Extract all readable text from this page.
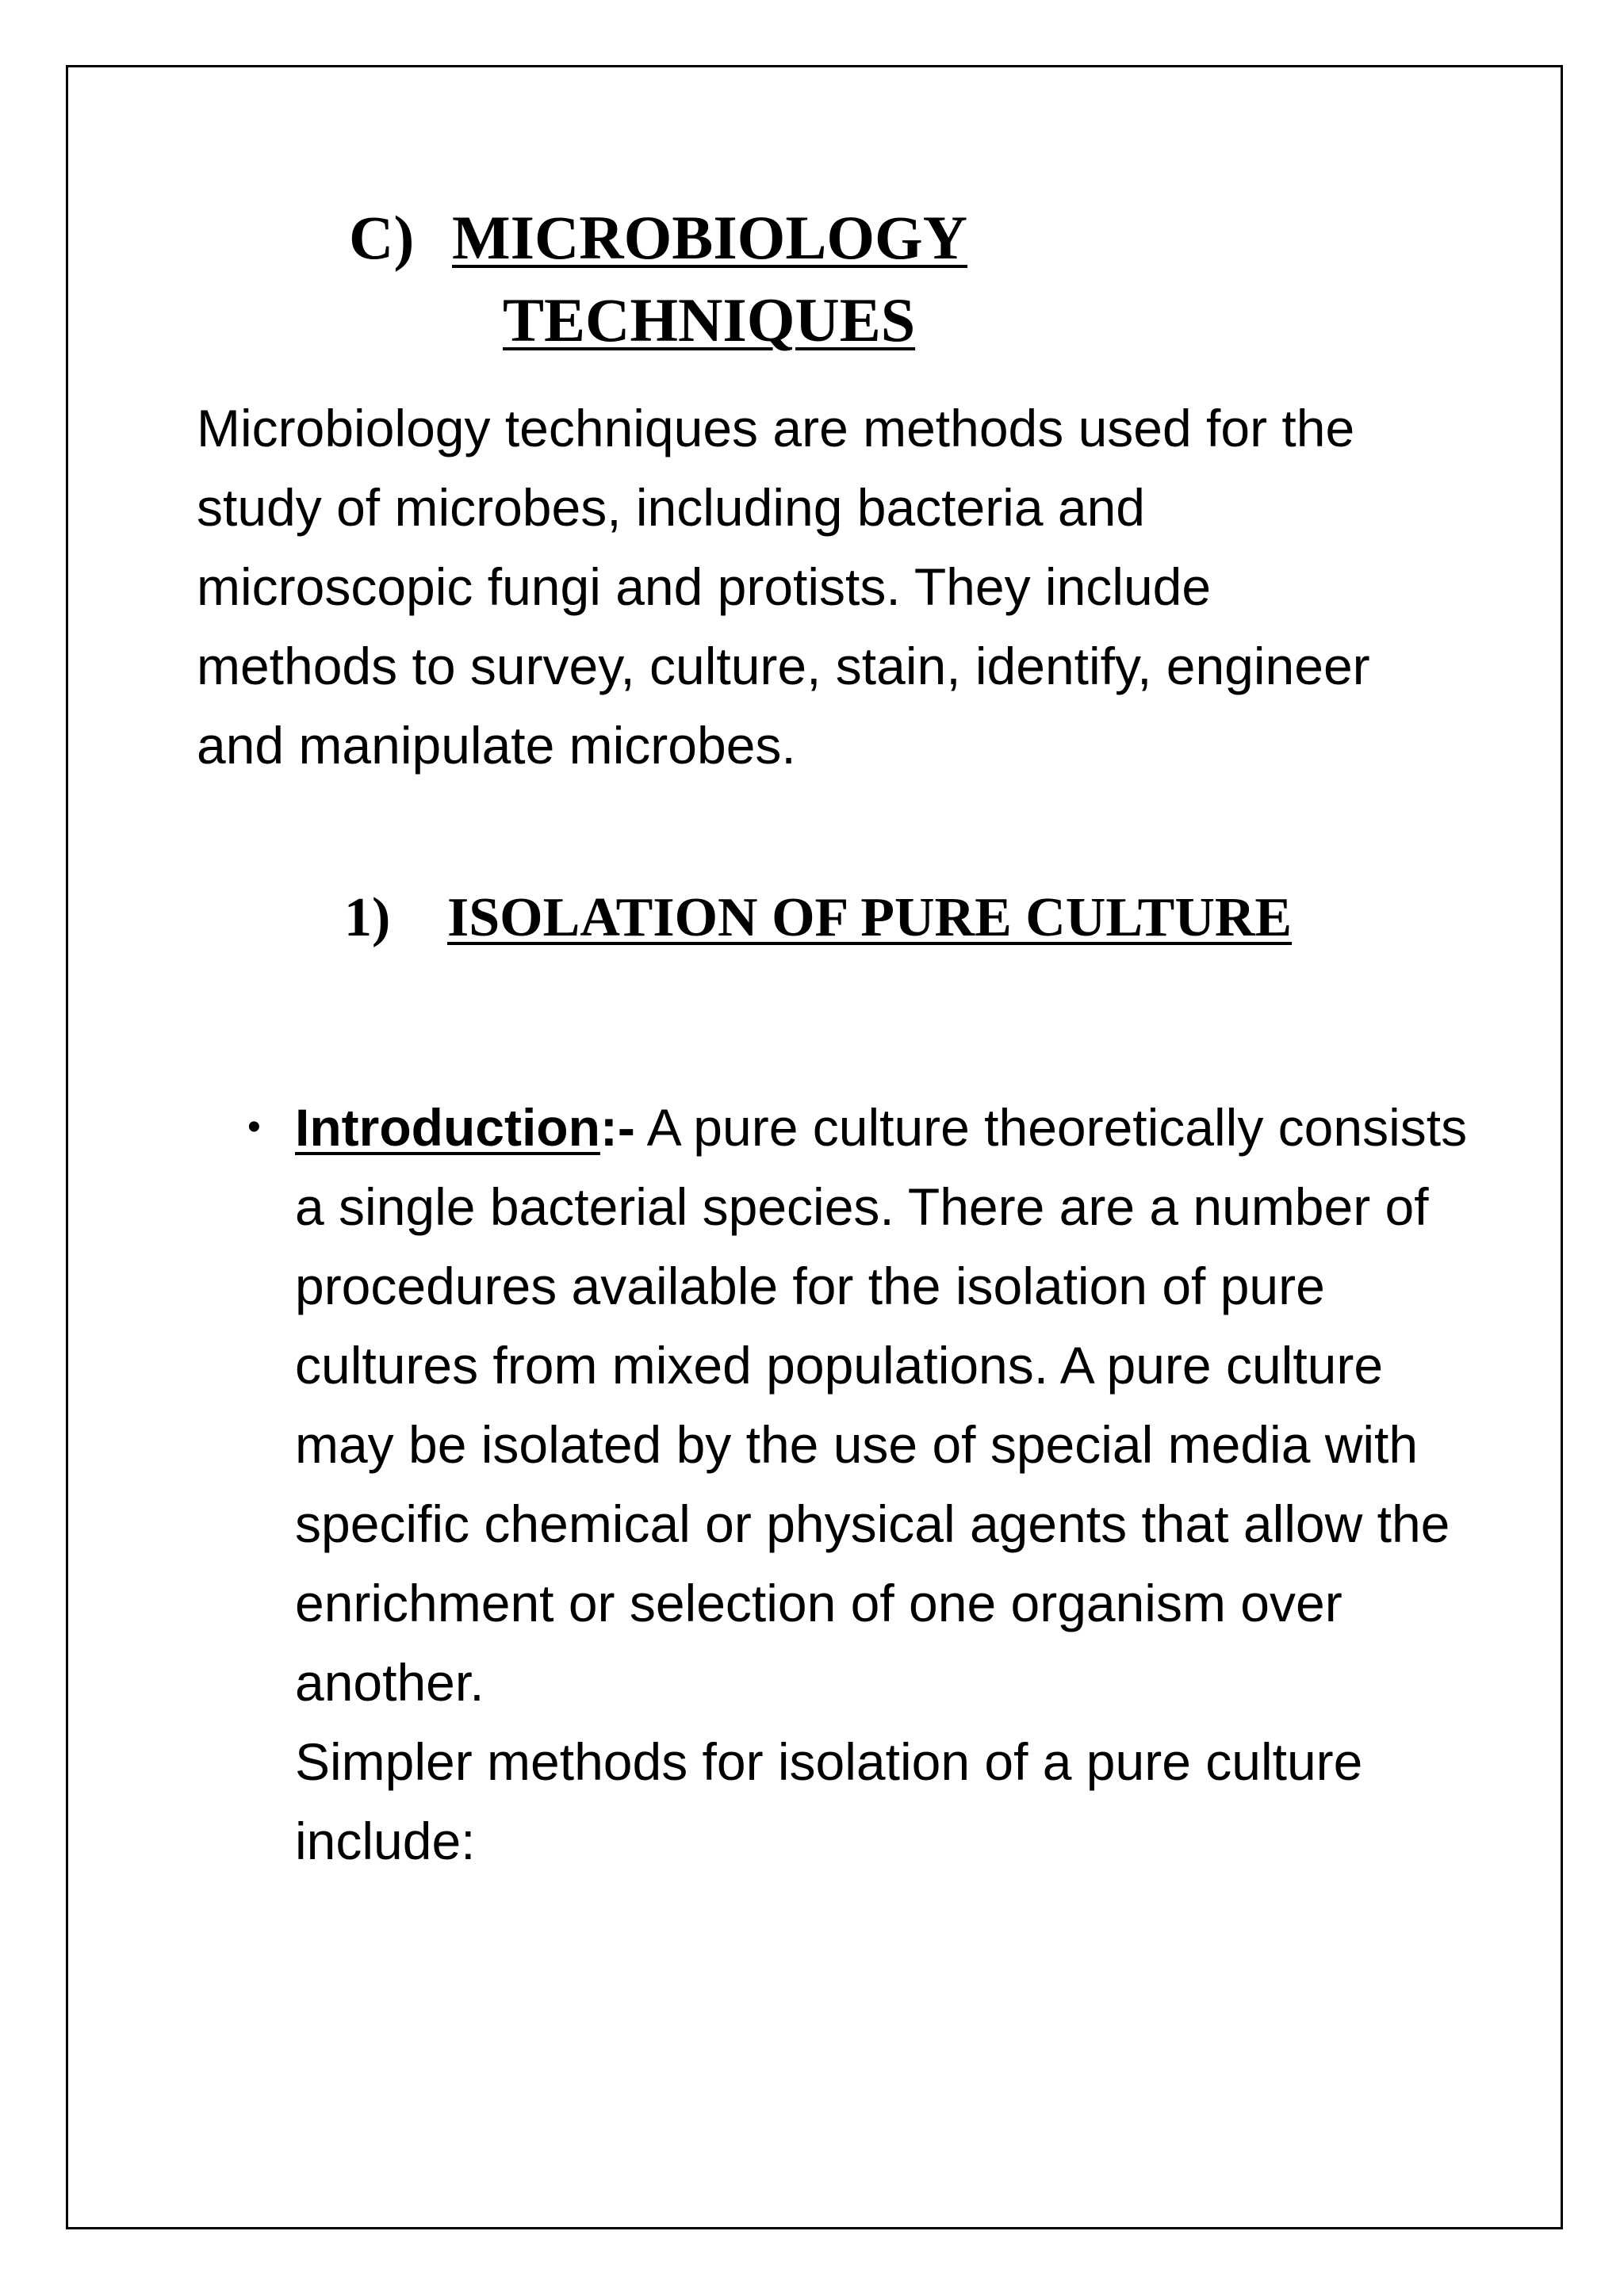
C) MICROBIOLOGY
TECHNIQUES

Microbiology techniques are methods used for the study of microbes, including bacteria and microscopic fungi and protists. They include methods to survey, culture, stain, identify, engineer and manipulate microbes.

1)	ISOLATION OF PURE CULTURE
• Introduction:- A pure culture theoretically consists a single bacterial species. There are a number of procedures available for the isolation of pure cultures from mixed populations. A pure culture may be isolated by the use of special media with specific chemical or physical agents that allow the enrichment or selection of one organism over another.

Simpler methods for isolation of a pure culture include:
